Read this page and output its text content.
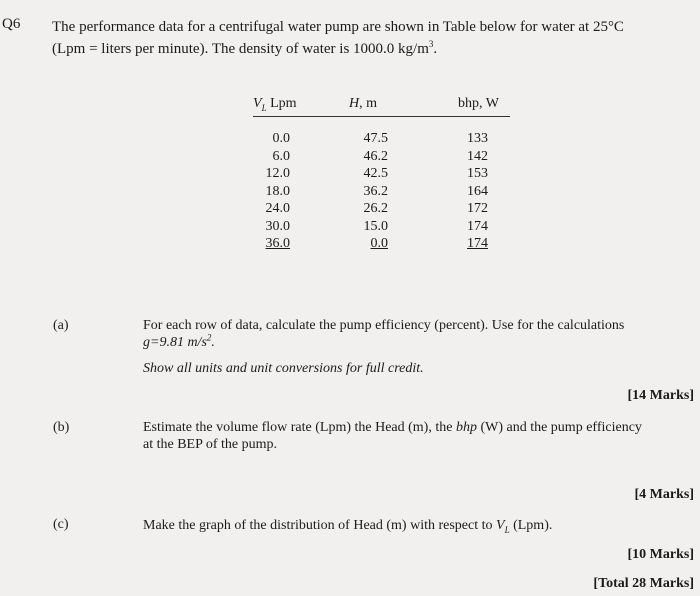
Q6 The performance data for a centrifugal water pump are shown in Table below for water at 25°C

(Lpm = liters per minute). The density of water is 1000.0 $kg/m^3$.

$V_L$ Lpm	H, m	bhp, W
0.0	47.5	133
6.0	46.2	142
12.0	42.5	153
18.0	36.2	164
24.0	26.2	172
30.0	15.0	174
36.0	0.0	174
(a)	For each row of data, calculate the pump efficiency (percent). Use for the calculations

g=9.81 $m/s^2$.

Show all units and unit conversions for full credit.

[14 Marks]
(b)	Estimate the volume flow rate (Lpm) the Head (m), the bhp (W) and the pump efficiency

at the BEP of the pump.

[4 Marks]
(c)	Make the graph of the distribution of Head (m) with respect to $V_L$ (Lpm).

[10 Marks]
[Total 28 Marks]
